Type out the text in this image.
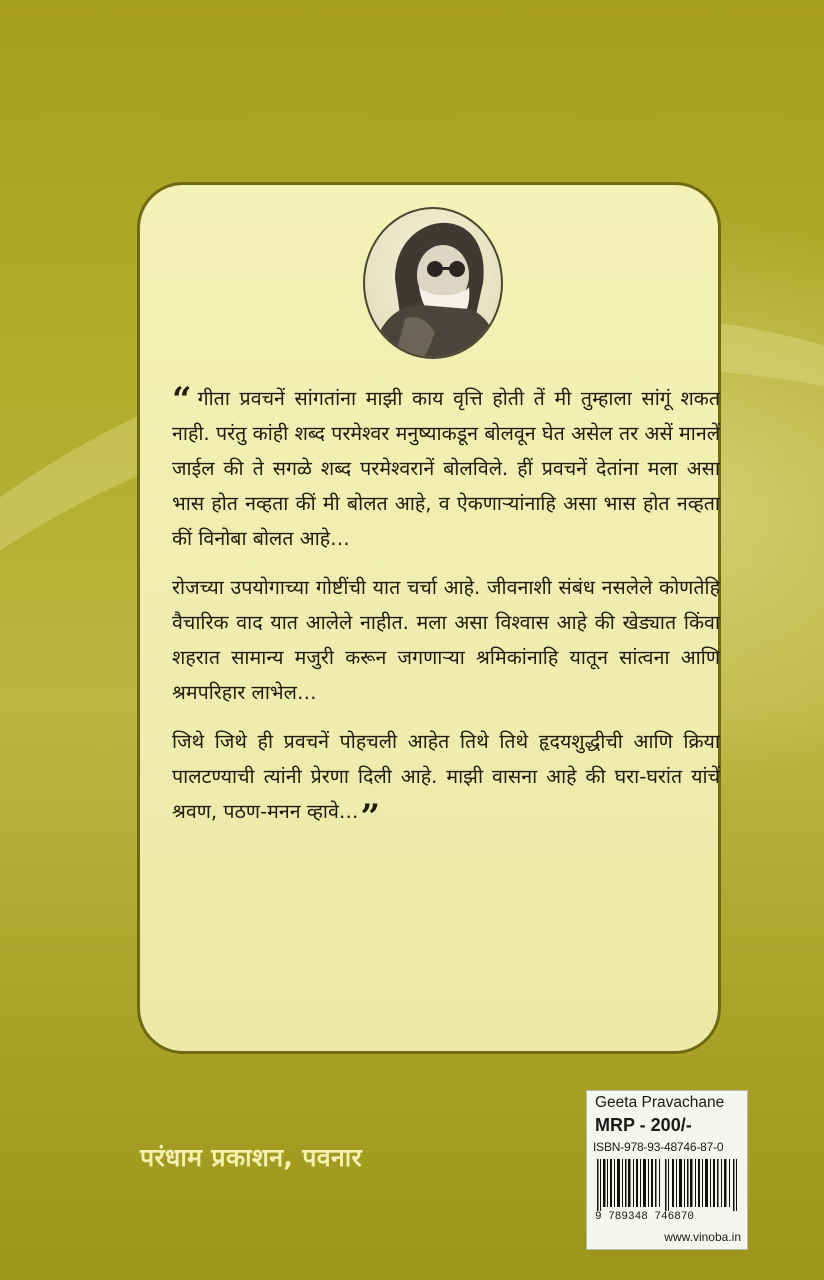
“ गीता प्रवचनें सांगतांना माझी काय वृत्ति होती तें मी तुम्हाला सांगूं शकत नाही. परंतु कांही शब्द परमेश्वर मनुष्याकडून बोलवून घेत असेल तर असें मानलें जाईल की ते सगळे शब्द परमेश्वरानें बोलविले. हीं प्रवचनें देतांना मला असा भास होत नव्हता कीं मी बोलत आहे, व ऐकणाऱ्यांनाहि असा भास होत नव्हता कीं विनोबा बोलत आहे…

रोजच्या उपयोगाच्या गोष्टींची यात चर्चा आहे. जीवनाशी संबंध नसलेले कोणतेहि वैचारिक वाद यात आलेले नाहीत. मला असा विश्वास आहे की खेड्यात किंवा शहरात सामान्य मजुरी करून जगणाऱ्या श्रमिकांनाहि यातून सांत्वना आणि श्रमपरिहार लाभेल…

जिथे जिथे ही प्रवचनें पोहचली आहेत तिथे तिथे हृदयशुद्धीची आणि क्रिया पालटण्याची त्यांनी प्रेरणा दिली आहे. माझी वासना आहे की घरा-घरांत यांचें श्रवण, पठण-मनन व्हावे…”

परंधाम प्रकाशन, पवनार
Geeta Pravachane
MRP - 200/-
ISBN-978-93-48746-87-0
9 789348 746870
www.vinoba.in
